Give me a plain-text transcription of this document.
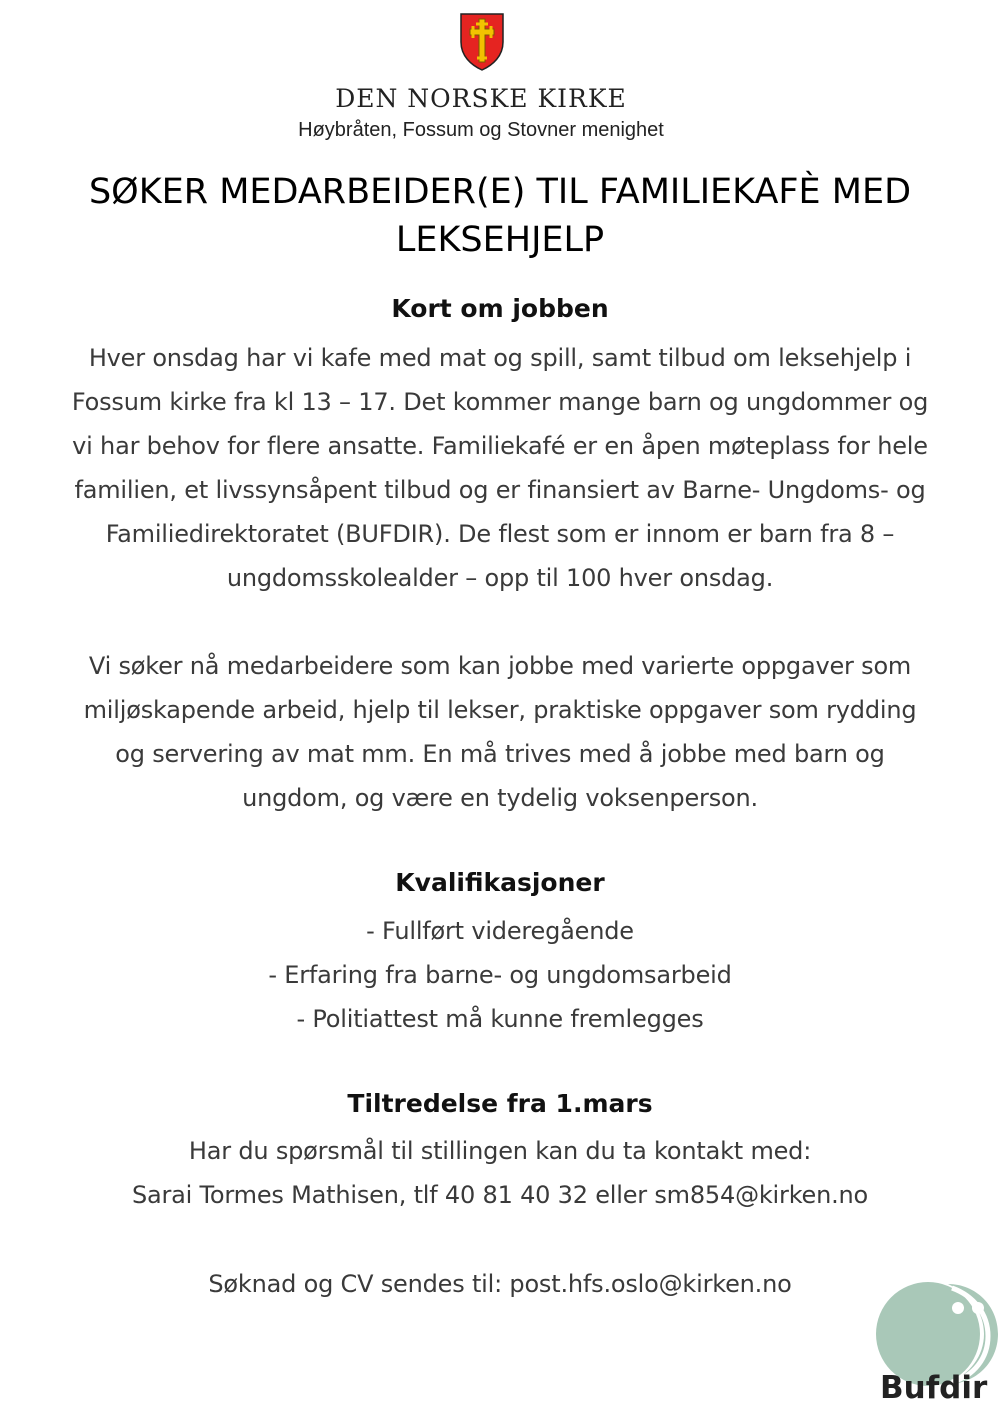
DEN NORSKE KIRKE
Høybråten, Fossum og Stovner menighet
SØKER MEDARBEIDER(E) TIL FAMILIEKAFÈ MED
LEKSEHJELP
Kort om jobben
Hver onsdag har vi kafe med mat og spill, samt tilbud om leksehjelp i
Fossum kirke fra kl 13 – 17. Det kommer mange barn og ungdommer og
vi har behov for flere ansatte. Familiekafé er en åpen møteplass for hele
familien, et livssynsåpent tilbud og er finansiert av Barne- Ungdoms- og
Familiedirektoratet (BUFDIR). De flest som er innom er barn fra 8 –
ungdomsskolealder – opp til 100 hver onsdag.
Vi søker nå medarbeidere som kan jobbe med varierte oppgaver som
miljøskapende arbeid, hjelp til lekser, praktiske oppgaver som rydding
og servering av mat mm. En må trives med å jobbe med barn og
ungdom, og være en tydelig voksenperson.
Kvalifikasjoner
- Fullført videregående
- Erfaring fra barne- og ungdomsarbeid
- Politiattest må kunne fremlegges
Tiltredelse fra 1.mars
Har du spørsmål til stillingen kan du ta kontakt med:
Sarai Tormes Mathisen, tlf 40 81 40 32 eller sm854@kirken.no
Søknad og CV sendes til: post.hfs.oslo@kirken.no
Bufdir
